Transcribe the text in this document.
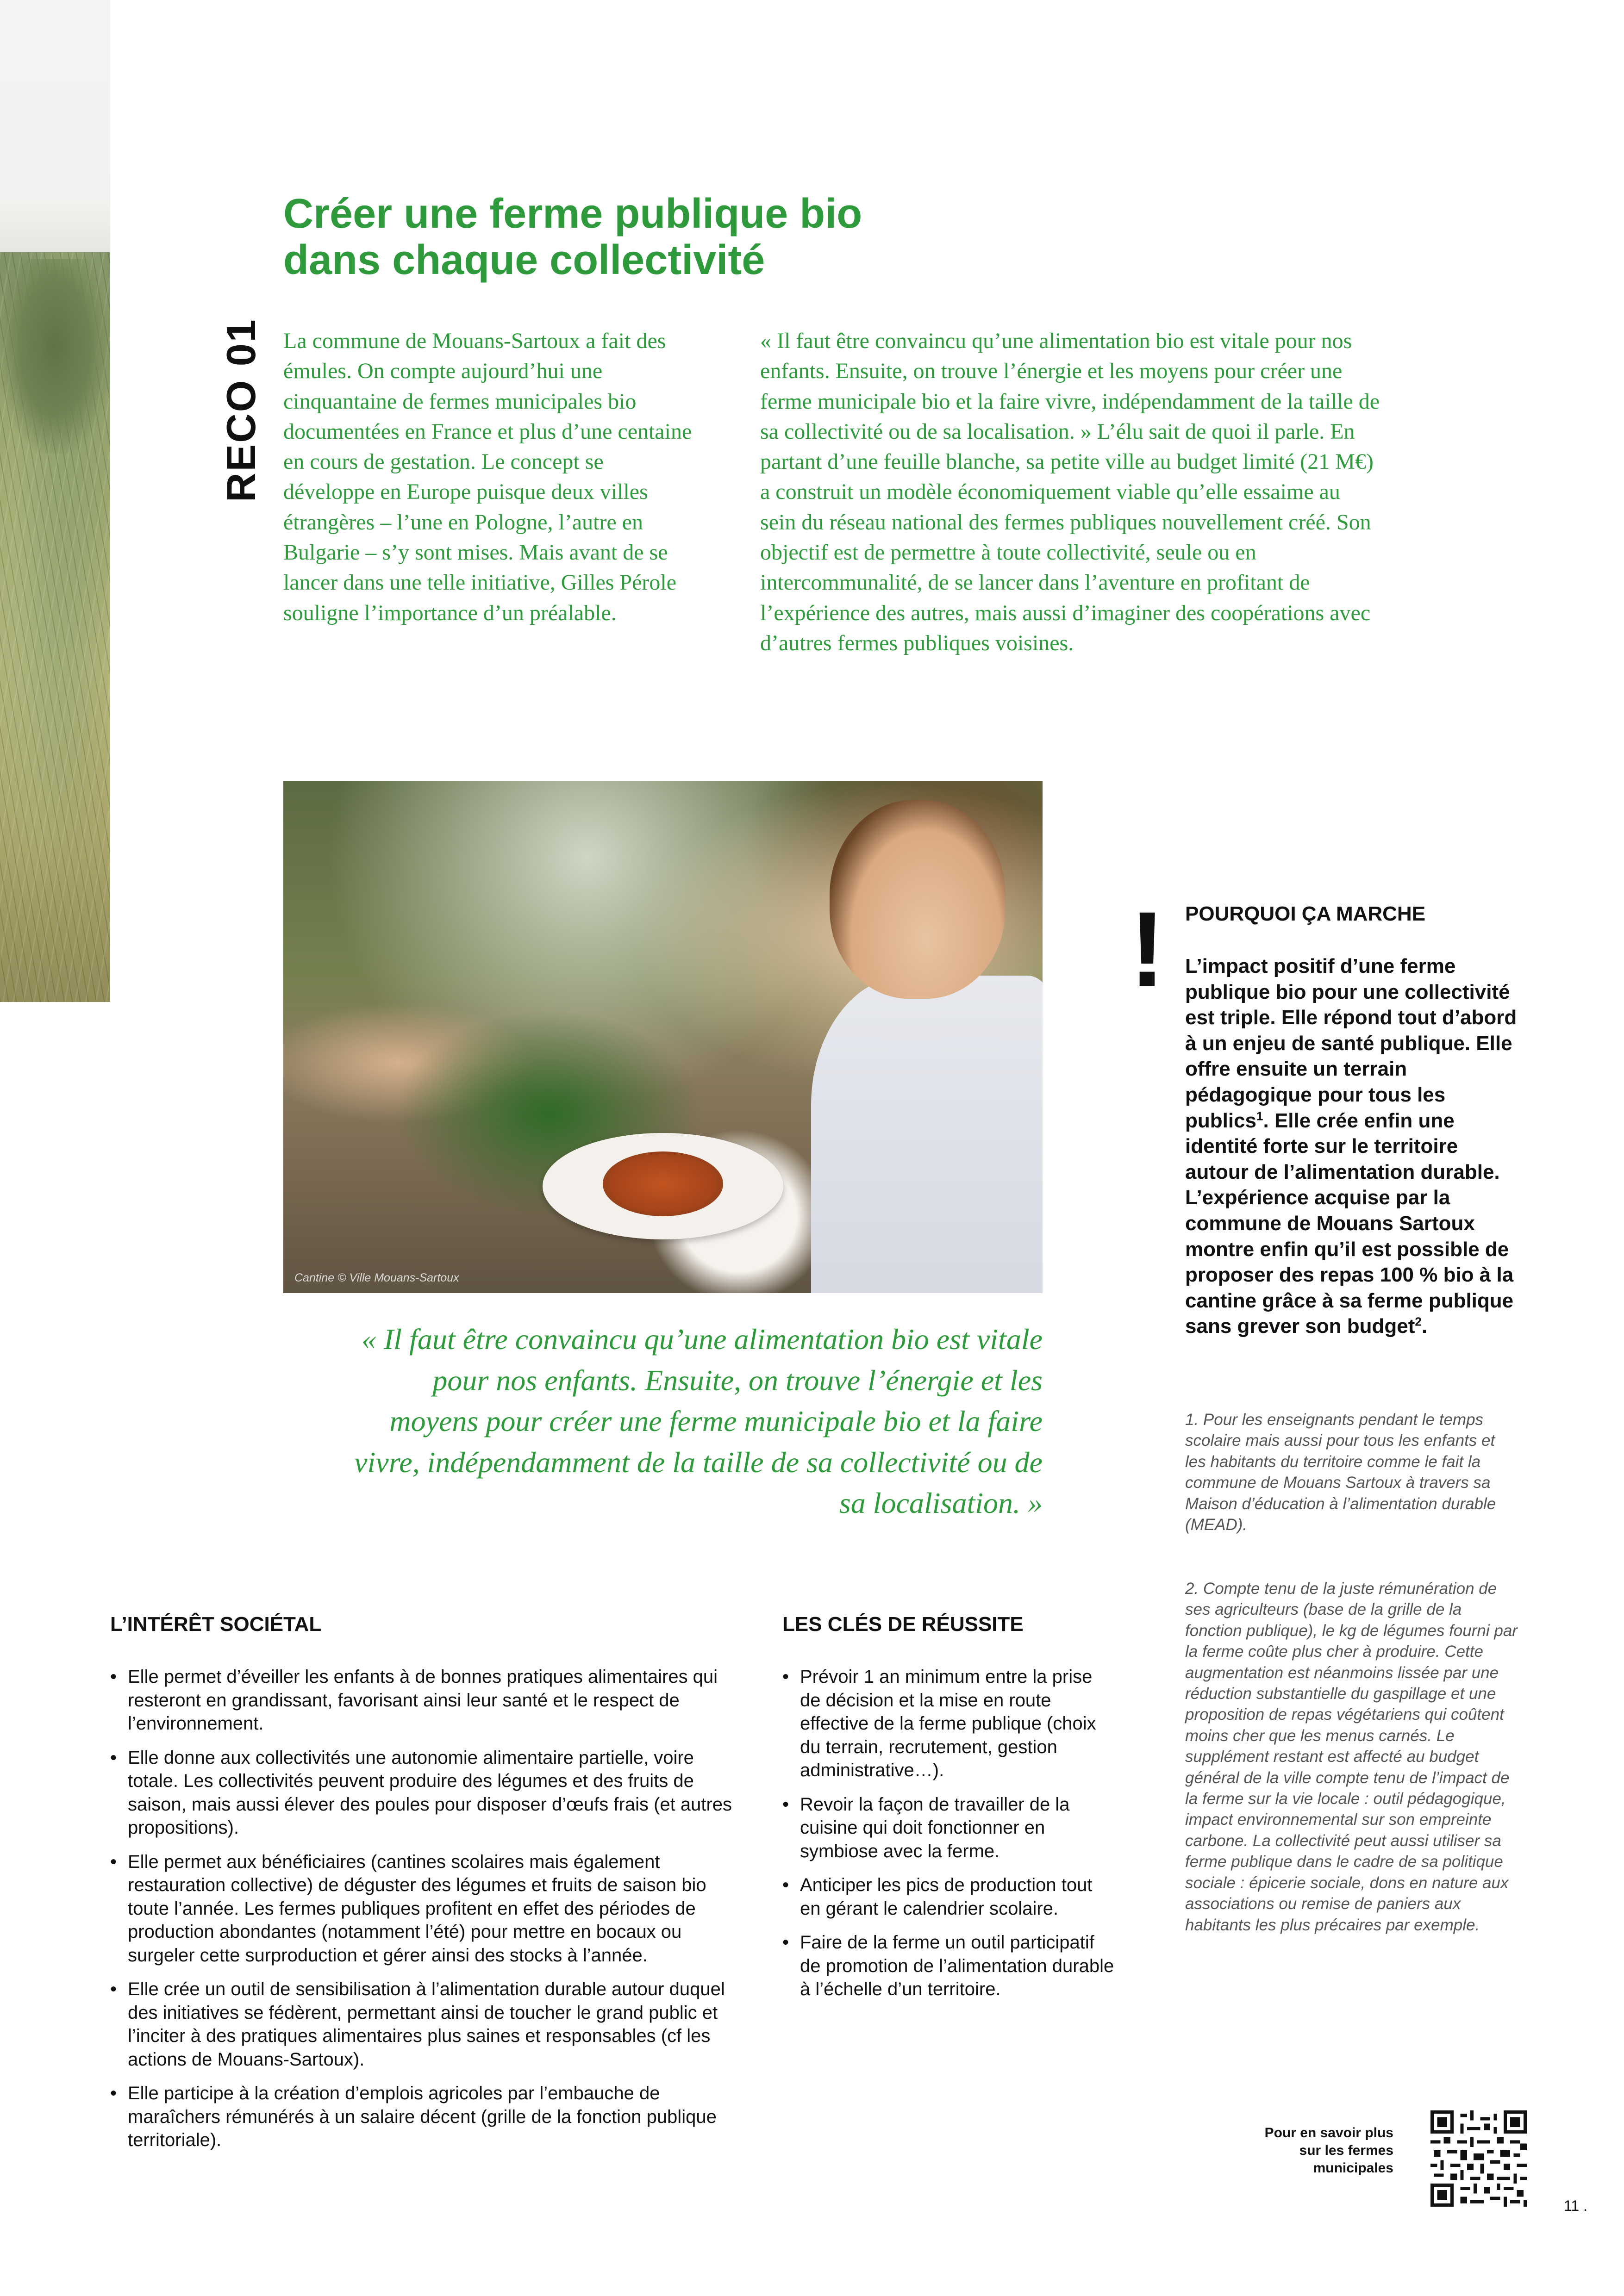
Créer une ferme publique bio
dans chaque collectivité
RECO 01 La commune de Mouans-Sartoux a fait des émules. On compte aujourd’hui une cinquantaine de fermes municipales bio documentées en France et plus d’une centaine en cours de gestation. Le concept se développe en Europe puisque deux villes étrangères – l’une en Pologne, l’autre en Bulgarie – s’y sont mises. Mais avant de se lancer dans une telle initiative, Gilles Pérole souligne l’importance d’un préalable.

« Il faut être convaincu qu’une alimentation bio est vitale pour nos enfants. Ensuite, on trouve l’énergie et les moyens pour créer une ferme municipale bio et la faire vivre, indépendamment de la taille de sa collectivité ou de sa localisation. » L’élu sait de quoi il parle. En partant d’une feuille blanche, sa petite ville au budget limité (21 M€) a construit un modèle économiquement viable qu’elle essaime au sein du réseau national des fermes publiques nouvellement créé. Son objectif est de permettre à toute collectivité, seule ou en intercommunalité, de se lancer dans l’aventure en profitant de l’expérience des autres, mais aussi d’imaginer des coopérations avec d’autres fermes publiques voisines.

Cantine © Ville Mouans-Sartoux
« Il faut être convaincu qu’une alimentation bio est vitale pour nos enfants. Ensuite, on trouve l’énergie et les moyens pour créer une ferme municipale bio et la faire vivre, indépendamment de la taille de sa collectivité ou de sa localisation. »
! POURQUOI ÇA MARCHE
L’impact positif d’une ferme publique bio pour une collectivité est triple. Elle répond tout d’abord à un enjeu de santé publique. Elle offre ensuite un terrain pédagogique pour tous les publics$^1$. Elle crée enfin une identité forte sur le territoire autour de l’alimentation durable. L’expérience acquise par la commune de Mouans Sartoux montre enfin qu’il est possible de proposer des repas 100 % bio à la cantine grâce à sa ferme publique sans grever son budget$^2$.
1. Pour les enseignants pendant le temps scolaire mais aussi pour tous les enfants et les habitants du territoire comme le fait la commune de Mouans Sartoux à travers sa Maison d’éducation à l’alimentation durable (MEAD).
2. Compte tenu de la juste rémunération de ses agriculteurs (base de la grille de la fonction publique), le kg de légumes fourni par la ferme coûte plus cher à produire. Cette augmentation est néanmoins lissée par une réduction substantielle du gaspillage et une proposition de repas végétariens qui coûtent moins cher que les menus carnés. Le supplément restant est affecté au budget général de la ville compte tenu de l’impact de la ferme sur la vie locale : outil pédagogique, impact environnemental sur son empreinte carbone. La collectivité peut aussi utiliser sa ferme publique dans le cadre de sa politique sociale : épicerie sociale, dons en nature aux associations ou remise de paniers aux habitants les plus précaires par exemple.
L’INTÉRÊT SOCIÉTAL
• Elle permet d’éveiller les enfants à de bonnes pratiques alimentaires qui resteront en grandissant, favorisant ainsi leur santé et le respect de l’environnement.
• Elle donne aux collectivités une autonomie alimentaire partielle, voire totale. Les collectivités peuvent produire des légumes et des fruits de saison, mais aussi élever des poules pour disposer d’œufs frais (et autres propositions).
• Elle permet aux bénéficiaires (cantines scolaires mais également restauration collective) de déguster des légumes et fruits de saison bio toute l’année. Les fermes publiques profitent en effet des périodes de production abondantes (notamment l’été) pour mettre en bocaux ou surgeler cette surproduction et gérer ainsi des stocks à l’année.
• Elle crée un outil de sensibilisation à l’alimentation durable autour duquel des initiatives se fédèrent, permettant ainsi de toucher le grand public et l’inciter à des pratiques alimentaires plus saines et responsables (cf les actions de Mouans-Sartoux).
• Elle participe à la création d’emplois agricoles par l’embauche de maraîchers rémunérés à un salaire décent (grille de la fonction publique territoriale).
LES CLÉS DE RÉUSSITE
• Prévoir 1 an minimum entre la prise de décision et la mise en route effective de la ferme publique (choix du terrain, recrutement, gestion administrative…).
• Revoir la façon de travailler de la cuisine qui doit fonctionner en symbiose avec la ferme.
• Anticiper les pics de production tout en gérant le calendrier scolaire.
• Faire de la ferme un outil participatif de promotion de l’alimentation durable à l’échelle d’un territoire.
Pour en savoir plus sur les fermes municipales
11 .
